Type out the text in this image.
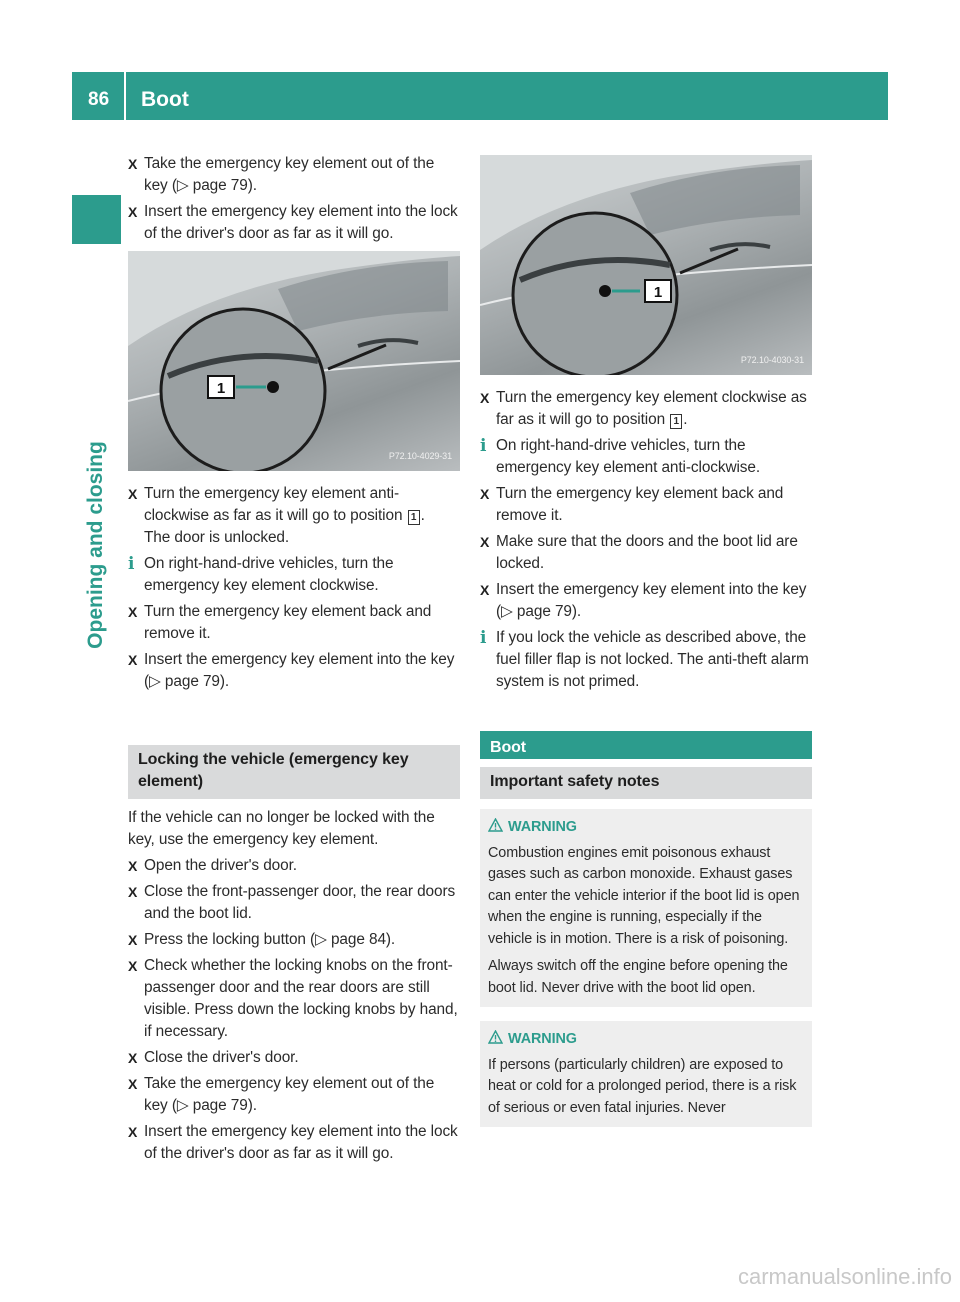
86 Boot
Opening and closing
X Take the emergency key element out of the key (▷ page 79).
X Insert the emergency key element into the lock of the driver's door as far as it will go.
1
P72.10-4029-31
X Turn the emergency key element anti-clockwise as far as it will go to position 1 .
The door is unlocked.
i On right-hand-drive vehicles, turn the emergency key element clockwise.
X Turn the emergency key element back and remove it.
X Insert the emergency key element into the key (▷ page 79).
Locking the vehicle (emergency key element)
If the vehicle can no longer be locked with the key, use the emergency key element.
X Open the driver's door.
X Close the front-passenger door, the rear doors and the boot lid.
X Press the locking button (▷ page 84).
X Check whether the locking knobs on the front-passenger door and the rear doors are still visible. Press down the locking knobs by hand, if necessary.
X Close the driver's door.
X Take the emergency key element out of the key (▷ page 79).
X Insert the emergency key element into the lock of the driver's door as far as it will go.
1
P72.10-4030-31
X Turn the emergency key element clockwise as far as it will go to position 1 .
i On right-hand-drive vehicles, turn the emergency key element anti-clockwise.
X Turn the emergency key element back and remove it.
X Make sure that the doors and the boot lid are locked.
X Insert the emergency key element into the key (▷ page 79).
i If you lock the vehicle as described above, the fuel filler flap is not locked. The anti-theft alarm system is not primed.
Boot
Important safety notes
WARNING

Combustion engines emit poisonous exhaust gases such as carbon monoxide. Exhaust gases can enter the vehicle interior if the boot lid is open when the engine is running, especially if the vehicle is in motion. There is a risk of poisoning.

Always switch off the engine before opening the boot lid. Never drive with the boot lid open.

WARNING

If persons (particularly children) are exposed to heat or cold for a prolonged period, there is a risk of serious or even fatal injuries. Never

carmanualsonline.info
